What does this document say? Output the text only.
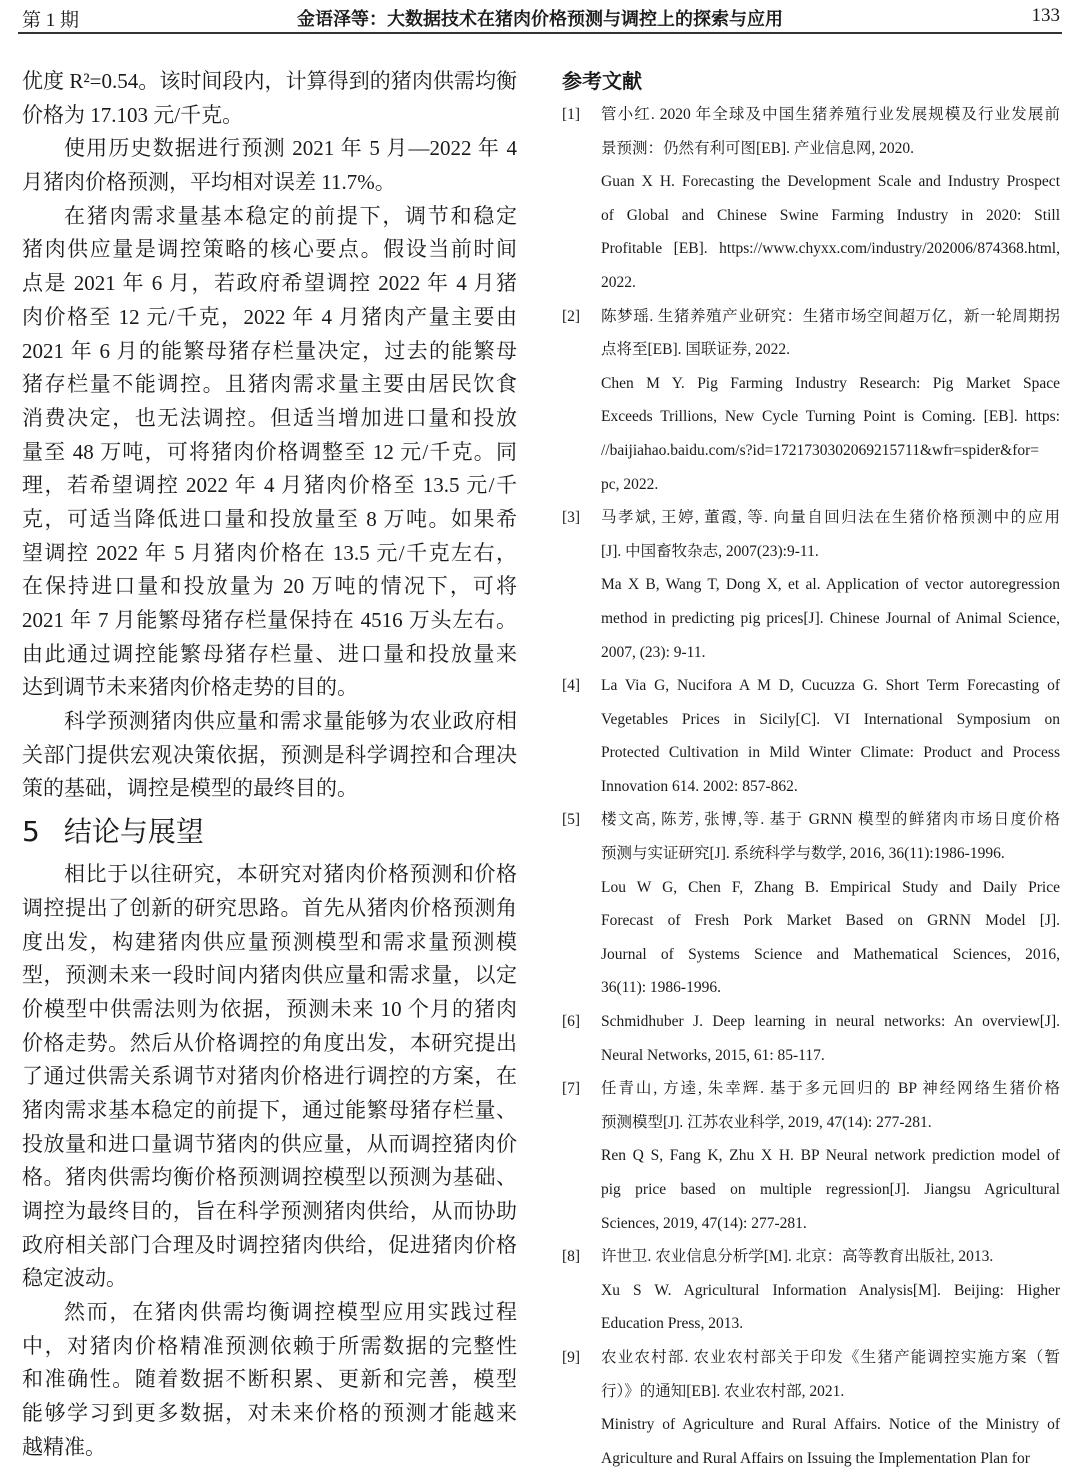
第 1 期	金语泽等：大数据技术在猪肉价格预测与调控上的探索与应用	133
优度 R²=0.54。该时间段内，计算得到的猪肉供需均衡
价格为 17.103 元/千克。
使用历史数据进行预测 2021 年 5 月—2022 年 4
月猪肉价格预测，平均相对误差 11.7%。
在猪肉需求量基本稳定的前提下，调节和稳定
猪肉供应量是调控策略的核心要点。假设当前时间
点是 2021 年 6 月，若政府希望调控 2022 年 4 月猪
肉价格至 12 元/千克，2022 年 4 月猪肉产量主要由
2021 年 6 月的能繁母猪存栏量决定，过去的能繁母
猪存栏量不能调控。且猪肉需求量主要由居民饮食
消费决定，也无法调控。但适当增加进口量和投放
量至 48 万吨，可将猪肉价格调整至 12 元/千克。同
理，若希望调控 2022 年 4 月猪肉价格至 13.5 元/千
克，可适当降低进口量和投放量至 8 万吨。如果希
望调控 2022 年 5 月猪肉价格在 13.5 元/千克左右，
在保持进口量和投放量为 20 万吨的情况下，可将
2021 年 7 月能繁母猪存栏量保持在 4516 万头左右。
由此通过调控能繁母猪存栏量、进口量和投放量来
达到调节未来猪肉价格走势的目的。
科学预测猪肉供应量和需求量能够为农业政府相
关部门提供宏观决策依据，预测是科学调控和合理决
策的基础，调控是模型的最终目的。
5 结论与展望
相比于以往研究，本研究对猪肉价格预测和价格
调控提出了创新的研究思路。首先从猪肉价格预测角
度出发，构建猪肉供应量预测模型和需求量预测模
型，预测未来一段时间内猪肉供应量和需求量，以定
价模型中供需法则为依据，预测未来 10 个月的猪肉
价格走势。然后从价格调控的角度出发，本研究提出
了通过供需关系调节对猪肉价格进行调控的方案，在
猪肉需求基本稳定的前提下，通过能繁母猪存栏量、
投放量和进口量调节猪肉的供应量，从而调控猪肉价
格。猪肉供需均衡价格预测调控模型以预测为基础、
调控为最终目的，旨在科学预测猪肉供给，从而协助
政府相关部门合理及时调控猪肉供给，促进猪肉价格
稳定波动。
然而，在猪肉供需均衡调控模型应用实践过程
中，对猪肉价格精准预测依赖于所需数据的完整性
和准确性。随着数据不断积累、更新和完善，模型
能够学习到更多数据，对未来价格的预测才能越来
越精准。
参考文献
[1] 管小红. 2020 年全球及中国生猪养殖行业发展规模及行业发展前
景预测：仍然有利可图[EB]. 产业信息网, 2020.
Guan X H. Forecasting the Development Scale and Industry Prospect
of Global and Chinese Swine Farming Industry in 2020: Still
Profitable [EB]. https://www.chyxx.com/industry/202006/874368.html,
2022.
[2] 陈梦瑶. 生猪养殖产业研究：生猪市场空间超万亿，新一轮周期拐
点将至[EB]. 国联证券, 2022.
Chen M Y. Pig Farming Industry Research: Pig Market Space
Exceeds Trillions, New Cycle Turning Point is Coming. [EB]. https:
//baijiahao.baidu.com/s?id=1721730302069215711&wfr=spider&for=
pc, 2022.
[3] 马孝斌, 王婷, 董霞, 等. 向量自回归法在生猪价格预测中的应用
[J]. 中国畜牧杂志, 2007(23):9-11.
Ma X B, Wang T, Dong X, et al. Application of vector autoregression
method in predicting pig prices[J]. Chinese Journal of Animal Science,
2007, (23): 9-11.
[4] La Via G, Nucifora A M D, Cucuzza G. Short Term Forecasting of
Vegetables Prices in Sicily[C]. VI International Symposium on
Protected Cultivation in Mild Winter Climate: Product and Process
Innovation 614. 2002: 857-862.
[5] 楼文高, 陈芳, 张博,等. 基于 GRNN 模型的鲜猪肉市场日度价格
预测与实证研究[J]. 系统科学与数学, 2016, 36(11):1986-1996.
Lou W G, Chen F, Zhang B. Empirical Study and Daily Price
Forecast of Fresh Pork Market Based on GRNN Model [J].
Journal of Systems Science and Mathematical Sciences, 2016,
36(11): 1986-1996.
[6] Schmidhuber J. Deep learning in neural networks: An overview[J].
Neural Networks, 2015, 61: 85-117.
[7] 任青山, 方逵, 朱幸辉. 基于多元回归的 BP 神经网络生猪价格
预测模型[J]. 江苏农业科学, 2019, 47(14): 277-281.
Ren Q S, Fang K, Zhu X H. BP Neural network prediction model of
pig price based on multiple regression[J]. Jiangsu Agricultural
Sciences, 2019, 47(14): 277-281.
[8] 许世卫. 农业信息分析学[M]. 北京：高等教育出版社, 2013.
Xu S W. Agricultural Information Analysis[M]. Beijing: Higher
Education Press, 2013.
[9] 农业农村部. 农业农村部关于印发《生猪产能调控实施方案（暂
行）》的通知[EB]. 农业农村部, 2021.
Ministry of Agriculture and Rural Affairs. Notice of the Ministry of
Agriculture and Rural Affairs on Issuing the Implementation Plan for
